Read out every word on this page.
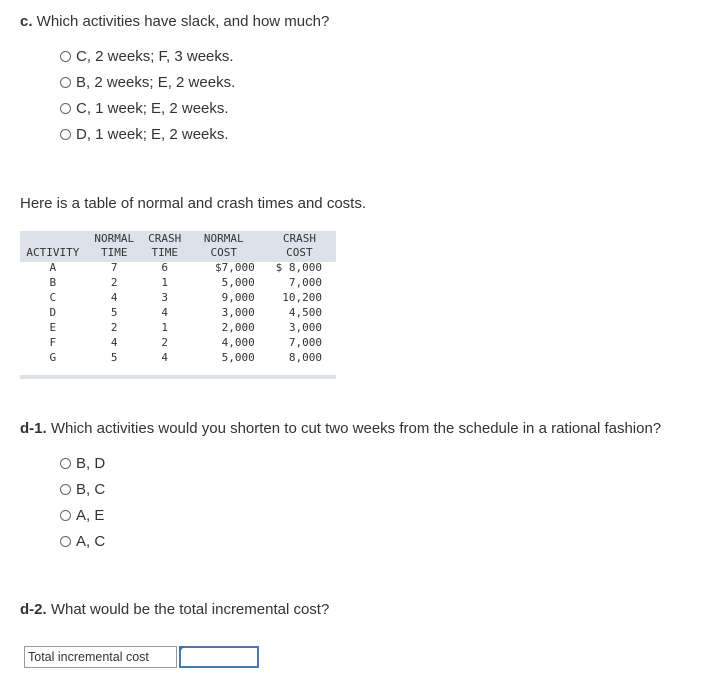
c. Which activities have slack, and how much?
C, 2 weeks; F, 3 weeks.
B, 2 weeks; E, 2 weeks.
C, 1 week; E, 2 weeks.
D, 1 week; E, 2 weeks.
Here is a table of normal and crash times and costs.
	NORMAL	CRASH	NORMAL	CRASH
ACTIVITY	TIME	TIME	COST	COST
A	7	6	$7,000	$ 8,000
B	2	1	5,000	7,000
C	4	3	9,000	10,200
D	5	4	3,000	4,500
E	2	1	2,000	3,000
F	4	2	4,000	7,000
G	5	4	5,000	8,000
d-1. Which activities would you shorten to cut two weeks from the schedule in a rational fashion?
B, D
B, C
A, E
A, C
d-2. What would be the total incremental cost?
Total incremental cost
